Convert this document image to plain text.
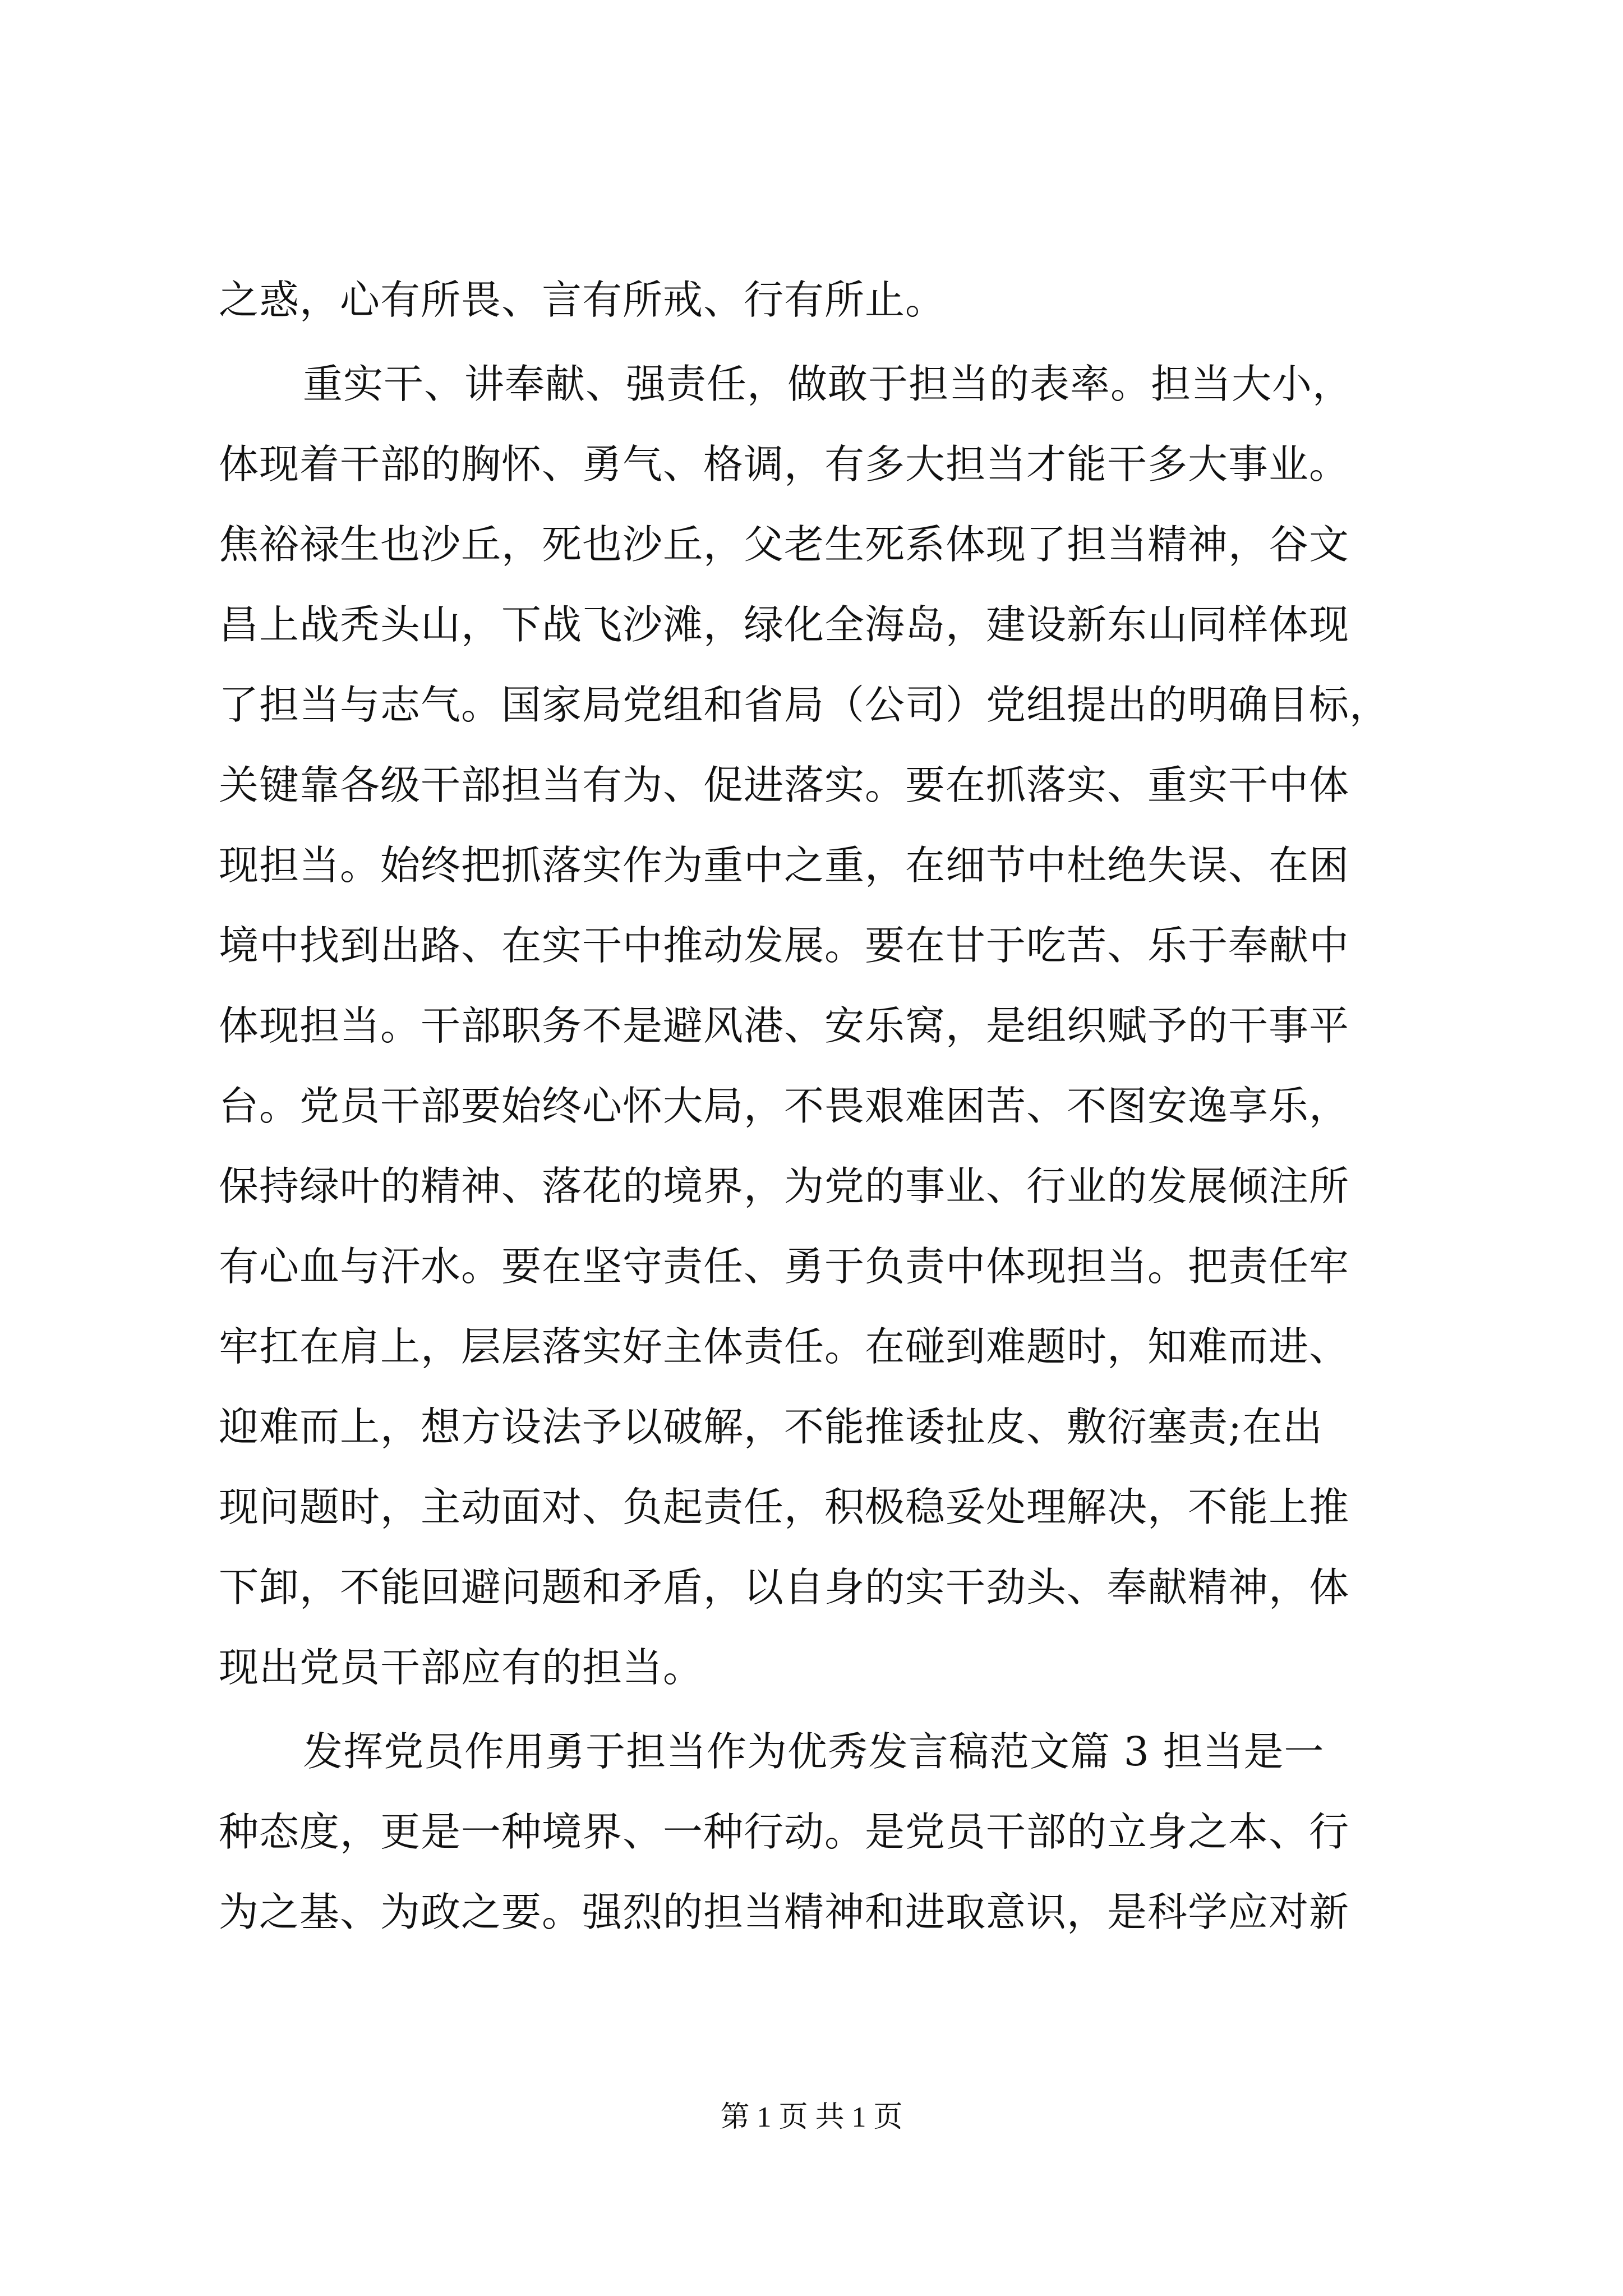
之惑，心有所畏、言有所戒、行有所止。
重实干、讲奉献、强责任，做敢于担当的表率。担当大小，
体现着干部的胸怀、勇气、格调，有多大担当才能干多大事业。
焦裕禄生也沙丘，死也沙丘，父老生死系体现了担当精神，谷文
昌上战秃头山，下战飞沙滩，绿化全海岛，建设新东山同样体现
了担当与志气。国家局党组和省局（公司）党组提出的明确目标，
关键靠各级干部担当有为、促进落实。要在抓落实、重实干中体
现担当。始终把抓落实作为重中之重，在细节中杜绝失误、在困
境中找到出路、在实干中推动发展。要在甘于吃苦、乐于奉献中
体现担当。干部职务不是避风港、安乐窝，是组织赋予的干事平
台。党员干部要始终心怀大局，不畏艰难困苦、不图安逸享乐，
保持绿叶的精神、落花的境界，为党的事业、行业的发展倾注所
有心血与汗水。要在坚守责任、勇于负责中体现担当。把责任牢
牢扛在肩上，层层落实好主体责任。在碰到难题时，知难而进、
迎难而上，想方设法予以破解，不能推诿扯皮、敷衍塞责;在出
现问题时，主动面对、负起责任，积极稳妥处理解决，不能上推
下卸，不能回避问题和矛盾，以自身的实干劲头、奉献精神，体
现出党员干部应有的担当。
发挥党员作用勇于担当作为优秀发言稿范文篇 3 担当是一
种态度，更是一种境界、一种行动。是党员干部的立身之本、行
为之基、为政之要。强烈的担当精神和进取意识，是科学应对新
第 1 页 共 1 页
